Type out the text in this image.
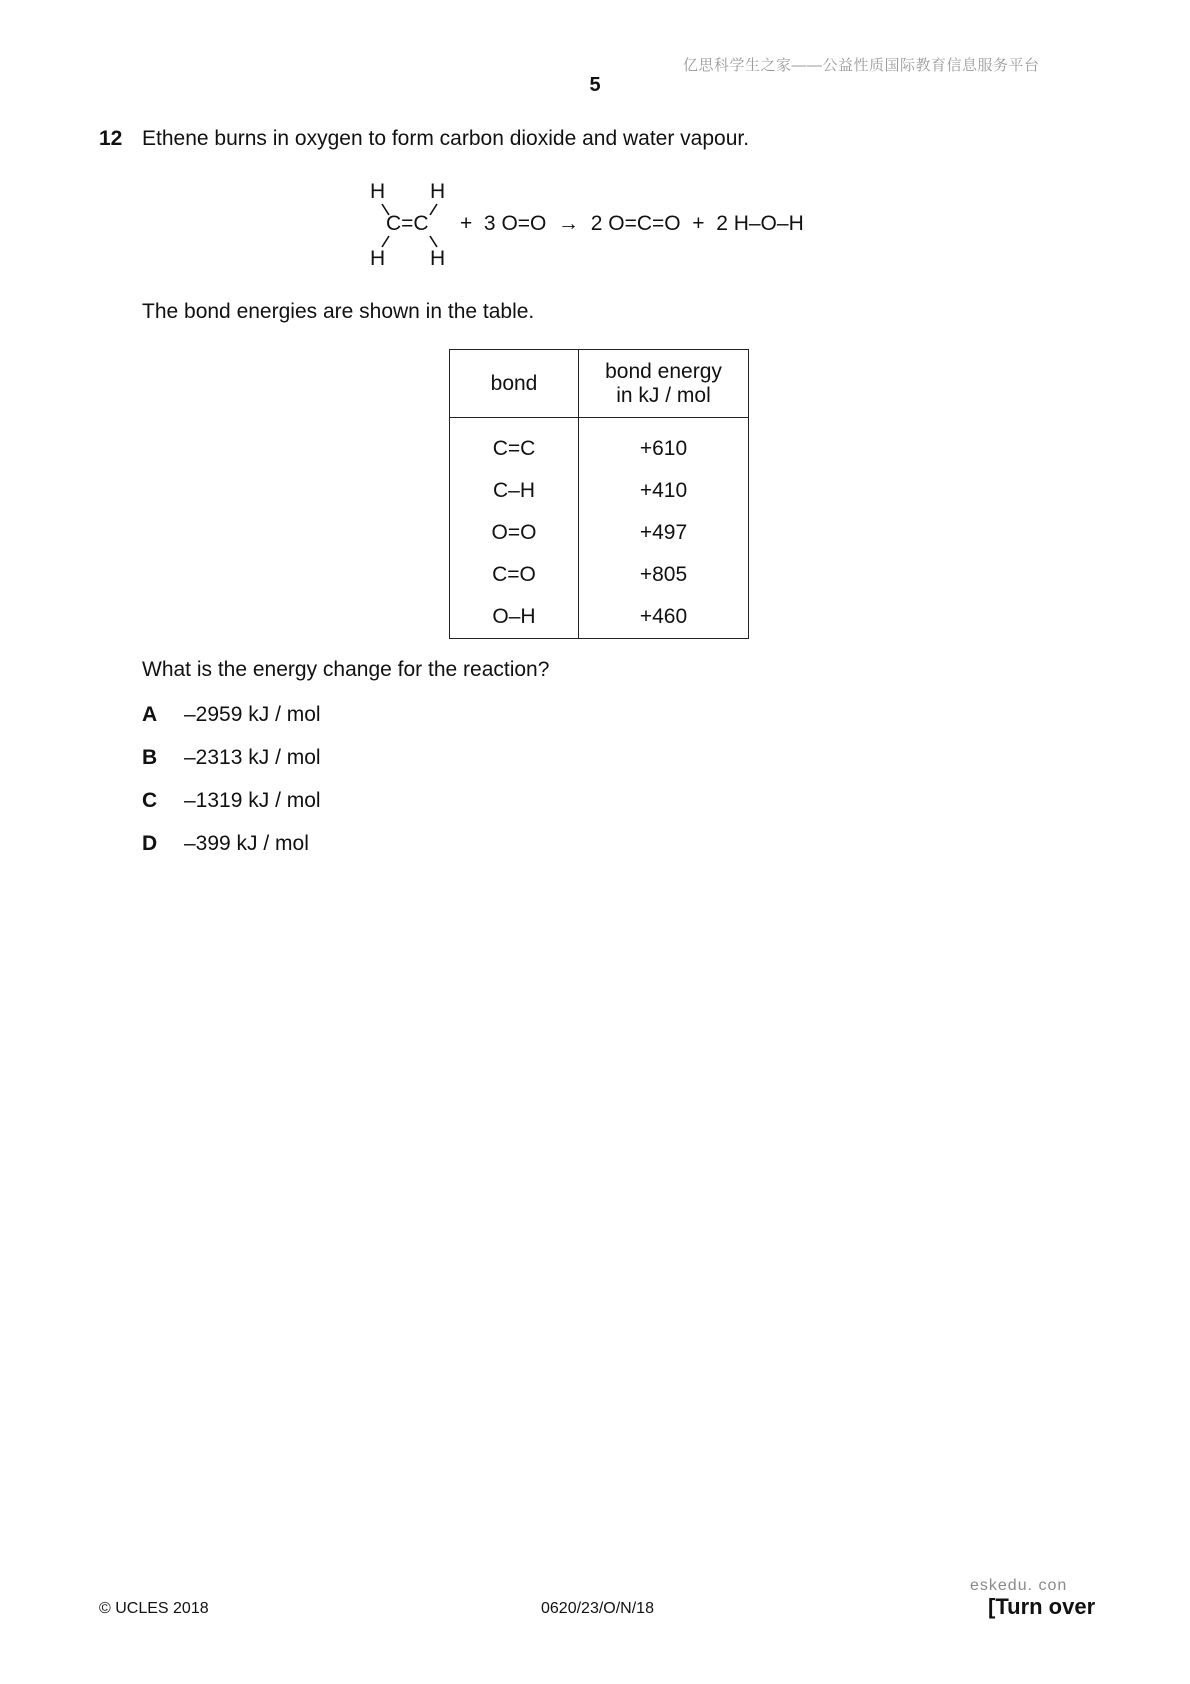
亿思科学生之家——公益性质国际教育信息服务平台
5
12 Ethene burns in oxygen to form carbon dioxide and water vapour.
H H
C=C
H H
+  3 O=O  →  2 O=C=O  +  2 H–O–H
The bond energies are shown in the table.
bond	bond energy
in kJ / mol
C=C	+610
C–H	+410
O=O	+497
C=O	+805
O–H	+460
What is the energy change for the reaction?
A –2959 kJ / mol
B –2313 kJ / mol
C –1319 kJ / mol
D –399 kJ / mol
© UCLES 2018	0620/23/O/N/18
eskedu. con
[Turn over
